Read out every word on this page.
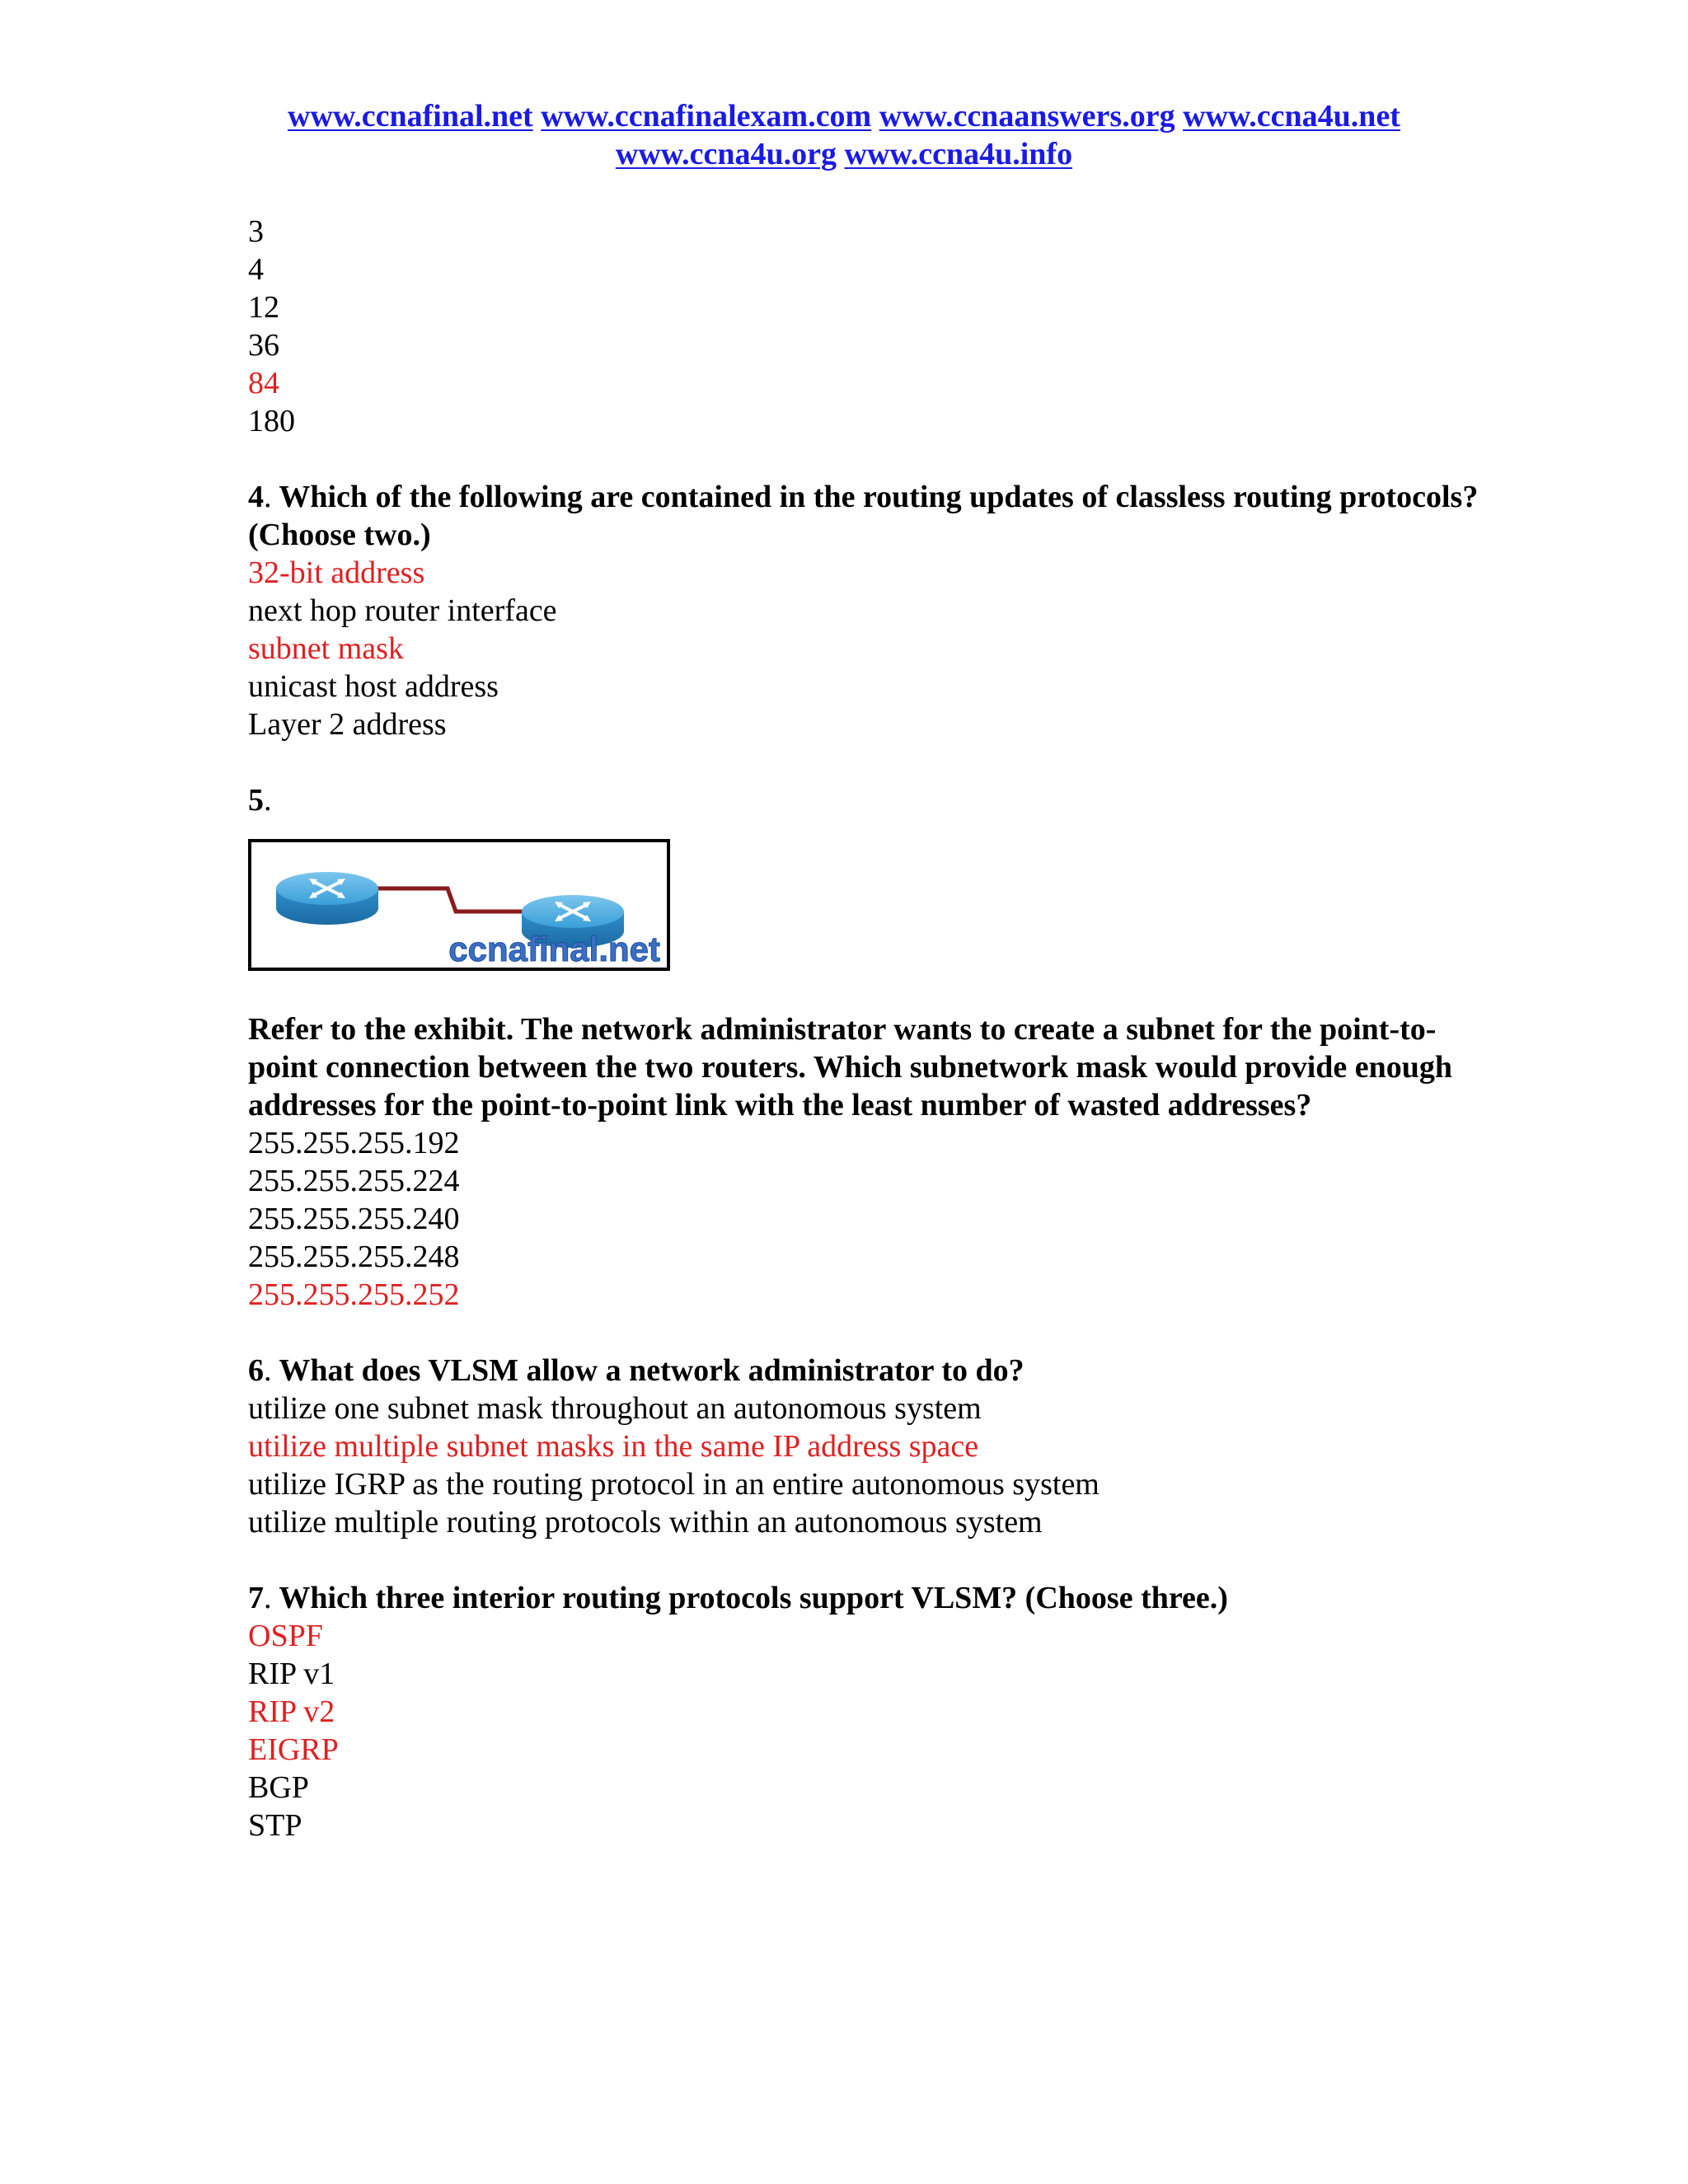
www.ccnafinal.net www.ccnafinalexam.com www.ccnaanswers.org www.ccna4u.net
www.ccna4u.org www.ccna4u.info
3
4
12
36
84
180
4. Which of the following are contained in the routing updates of classless routing protocols? (Choose two.)
32-bit address
next hop router interface
subnet mask
unicast host address
Layer 2 address
5.
ccnafinal.net
Refer to the exhibit. The network administrator wants to create a subnet for the point-to-point connection between the two routers. Which subnetwork mask would provide enough addresses for the point-to-point link with the least number of wasted addresses?
255.255.255.192
255.255.255.224
255.255.255.240
255.255.255.248
255.255.255.252
6. What does VLSM allow a network administrator to do?
utilize one subnet mask throughout an autonomous system
utilize multiple subnet masks in the same IP address space
utilize IGRP as the routing protocol in an entire autonomous system
utilize multiple routing protocols within an autonomous system
7. Which three interior routing protocols support VLSM? (Choose three.)
OSPF
RIP v1
RIP v2
EIGRP
BGP
STP
